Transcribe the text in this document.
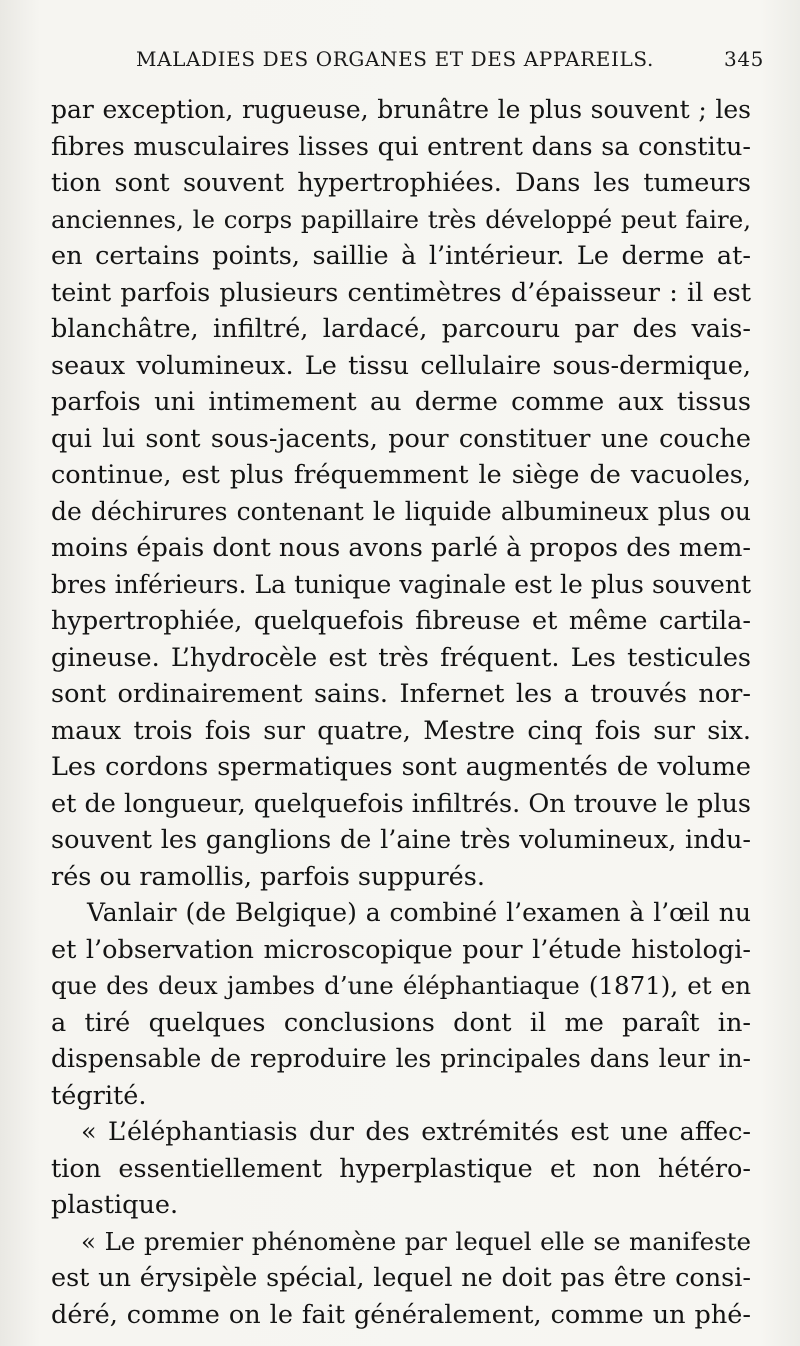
MALADIES DES ORGANES ET DES APPAREILS.	345
par exception, rugueuse, brunâtre le plus souvent ; les
fibres musculaires lisses qui entrent dans sa constitu-
tion sont souvent hypertrophiées. Dans les tumeurs
anciennes, le corps papillaire très développé peut faire,
en certains points, saillie à l’intérieur. Le derme at-
teint parfois plusieurs centimètres d’épaisseur : il est
blanchâtre, infiltré, lardacé, parcouru par des vais-
seaux volumineux. Le tissu cellulaire sous-dermique,
parfois uni intimement au derme comme aux tissus
qui lui sont sous-jacents, pour constituer une couche
continue, est plus fréquemment le siège de vacuoles,
de déchirures contenant le liquide albumineux plus ou
moins épais dont nous avons parlé à propos des mem-
bres inférieurs. La tunique vaginale est le plus souvent
hypertrophiée, quelquefois fibreuse et même cartila-
gineuse. L’hydrocèle est très fréquent. Les testicules
sont ordinairement sains. Infernet les a trouvés nor-
maux trois fois sur quatre, Mestre cinq fois sur six.
Les cordons spermatiques sont augmentés de volume
et de longueur, quelquefois infiltrés. On trouve le plus
souvent les ganglions de l’aine très volumineux, indu-
rés ou ramollis, parfois suppurés.
Vanlair (de Belgique) a combiné l’examen à l’œil nu
et l’observation microscopique pour l’étude histologi-
que des deux jambes d’une éléphantiaque (1871), et en
a tiré quelques conclusions dont il me paraît in-
dispensable de reproduire les principales dans leur in-
tégrité.
« L’éléphantiasis dur des extrémités est une affec-
tion essentiellement hyperplastique et non hétéro-
plastique.
« Le premier phénomène par lequel elle se manifeste
est un érysipèle spécial, lequel ne doit pas être consi-
déré, comme on le fait généralement, comme un phé-
